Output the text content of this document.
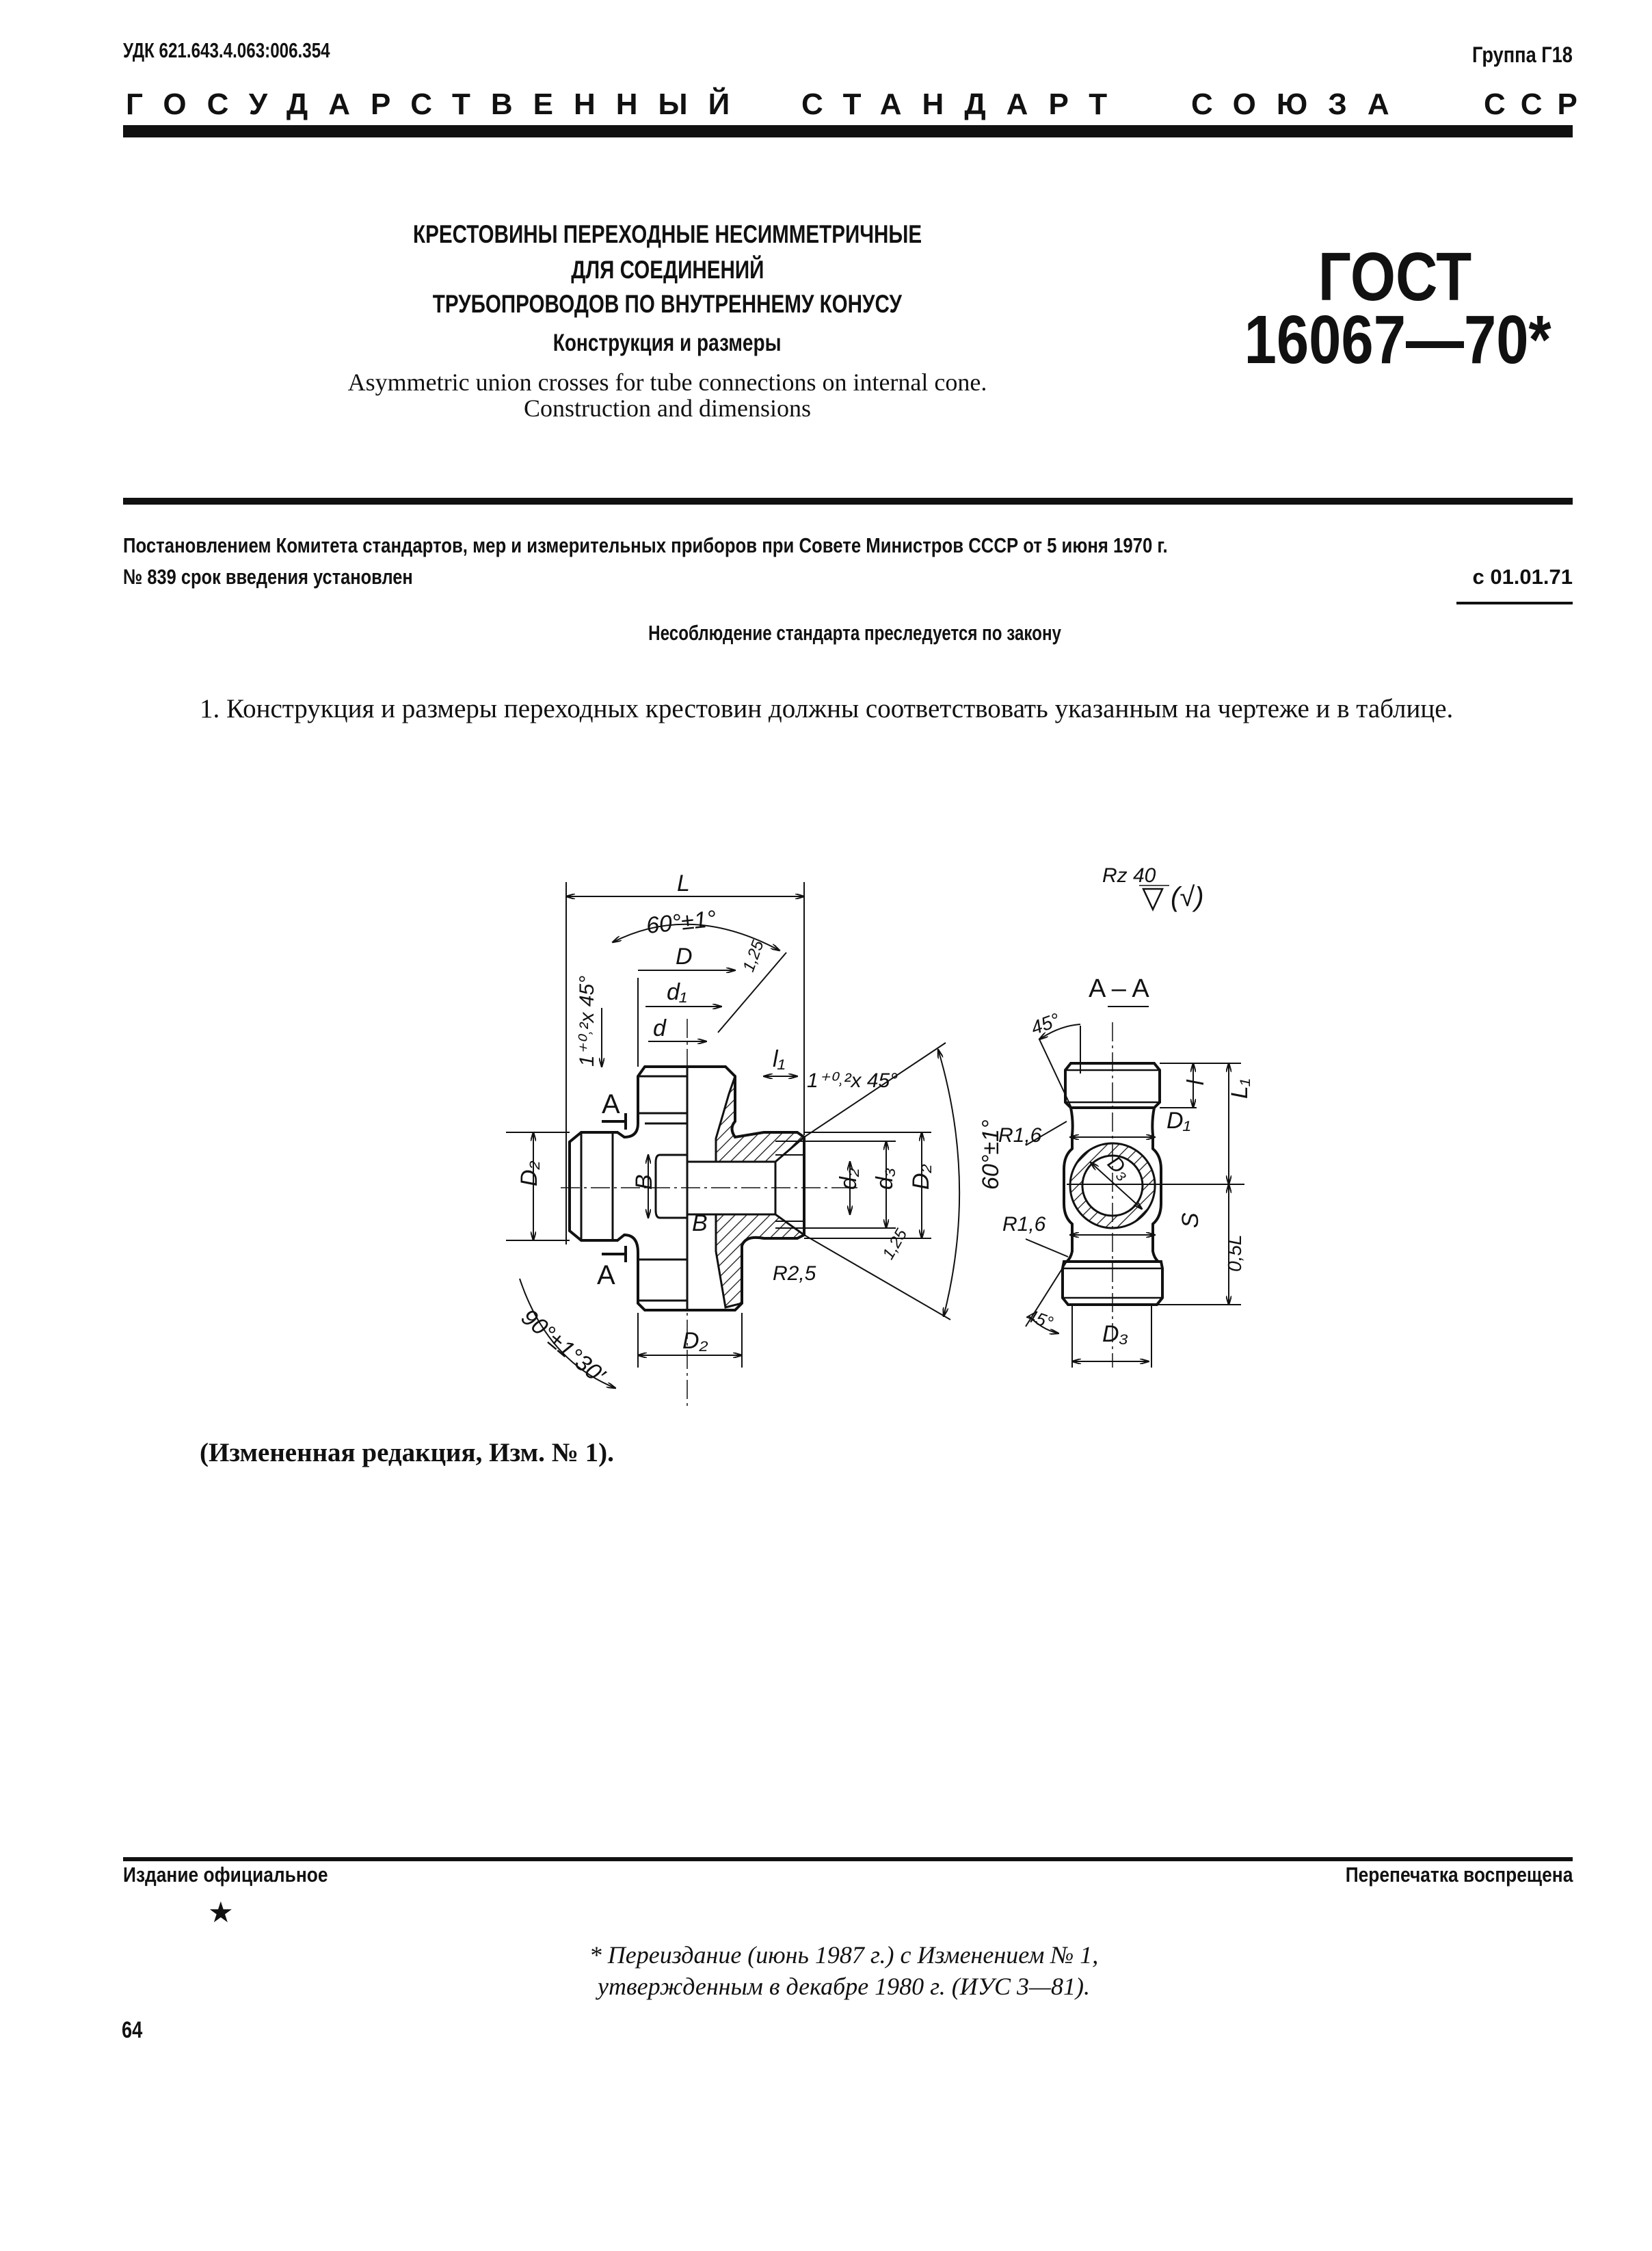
УДК 621.643.4.063:006.354	Группа Г18
ГОСУДАРСТВЕННЫЙ СТАНДАРТ СОЮЗА ССР
КРЕСТОВИНЫ ПЕРЕХОДНЫЕ НЕСИММЕТРИЧНЫЕ
ДЛЯ СОЕДИНЕНИЙ
ТРУБОПРОВОДОВ ПО ВНУТРЕННЕМУ КОНУСУ
Конструкция и размеры
Asymmetric union crosses for tube connections on internal cone.
Construction and dimensions
ГОСТ
16067—70*
Постановлением Комитета стандартов, мер и измерительных приборов при Совете Министров СССР от 5 июня 1970 г.
№ 839 срок введения установлен	с 01.01.71
Несоблюдение стандарта преследуется по закону
1. Конструкция и размеры переходных крестовин должны соответствовать указанным на чертеже и в таблице.
L
60°±1°
D	1,25
d₁
d
1⁺⁰˒²x 45°	l₁
1⁺⁰˒²x 45°
A
A
B
B
d₂ d₃ D₂ 60°±1°
1,25
R2,5
D₂
90°±1°30′
D₂
Rz 40
(√)
A – A
45°
l L₁
D₁
R1,6
D₃
R1,6	S
0,5L
45°
D₃
(Измененная редакция, Изм. № 1).
Издание официальное	Перепечатка воспрещена
★
* Переиздание (июнь 1987 г.) с Изменением № 1,
утвержденным в декабре 1980 г. (ИУС 3—81).
64
